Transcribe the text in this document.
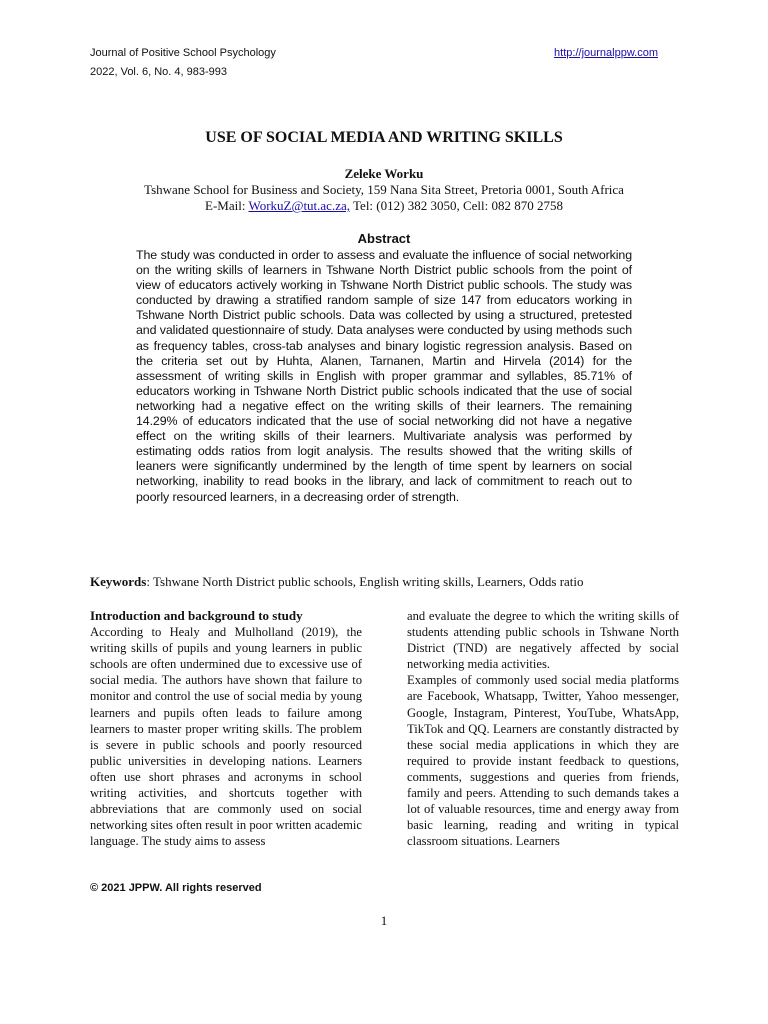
Journal of Positive School Psychology
2022, Vol. 6, No. 4, 983-993
http://journalppw.com
USE OF SOCIAL MEDIA AND WRITING SKILLS
Zeleke Worku
Tshwane School for Business and Society, 159 Nana Sita Street, Pretoria 0001, South Africa
E-Mail: WorkuZ@tut.ac.za, Tel: (012) 382 3050, Cell: 082 870 2758
Abstract
The study was conducted in order to assess and evaluate the influence of social networking on the writing skills of learners in Tshwane North District public schools from the point of view of educators actively working in Tshwane North District public schools. The study was conducted by drawing a stratified random sample of size 147 from educators working in Tshwane North District public schools. Data was collected by using a structured, pretested and validated questionnaire of study. Data analyses were conducted by using methods such as frequency tables, cross-tab analyses and binary logistic regression analysis. Based on the criteria set out by Huhta, Alanen, Tarnanen, Martin and Hirvela (2014) for the assessment of writing skills in English with proper grammar and syllables, 85.71% of educators working in Tshwane North District public schools indicated that the use of social networking had a negative effect on the writing skills of their learners. The remaining 14.29% of educators indicated that the use of social networking did not have a negative effect on the writing skills of their learners. Multivariate analysis was performed by estimating odds ratios from logit analysis. The results showed that the writing skills of leaners were significantly undermined by the length of time spent by learners on social networking, inability to read books in the library, and lack of commitment to reach out to poorly resourced learners, in a decreasing order of strength.
Keywords: Tshwane North District public schools, English writing skills, Learners, Odds ratio

Introduction and background to study

According to Healy and Mulholland (2019), the writing skills of pupils and young learners in public schools are often undermined due to excessive use of social media. The authors have shown that failure to monitor and control the use of social media by young learners and pupils often leads to failure among learners to master proper writing skills. The problem is severe in public schools and poorly resourced public universities in developing nations. Learners often use short phrases and acronyms in school writing activities, and shortcuts together with abbreviations that are commonly used on social networking sites often result in poor written academic language. The study aims to assess

and evaluate the degree to which the writing skills of students attending public schools in Tshwane North District (TND) are negatively affected by social networking media activities.

Examples of commonly used social media platforms are Facebook, Whatsapp, Twitter, Yahoo messenger, Google, Instagram, Pinterest, YouTube, WhatsApp, TikTok and QQ. Learners are constantly distracted by these social media applications in which they are required to provide instant feedback to questions, comments, suggestions and queries from friends, family and peers. Attending to such demands takes a lot of valuable resources, time and energy away from basic learning, reading and writing in typical classroom situations. Learners

© 2021 JPPW. All rights reserved
1
